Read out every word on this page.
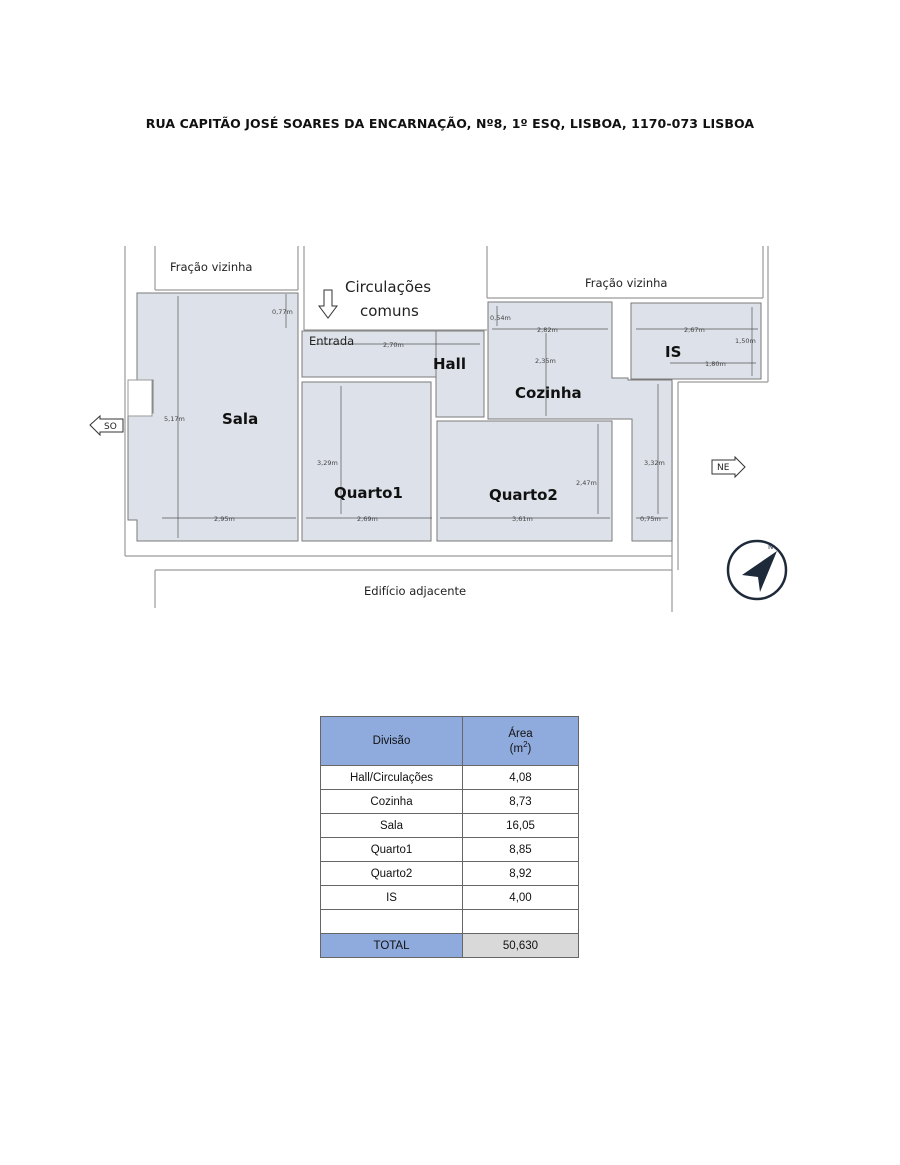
RUA CAPITÃO JOSÉ SOARES DA ENCARNAÇÃO, Nº8, 1º ESQ, LISBOA, 1170-073 LISBOA
Fração vizinha
Fração vizinha
Circulações
comuns
Entrada
Edifício adjacente
Sala
Hall
Cozinha
IS
Quarto1	Quarto2
0,77m
2,70m
0,54m
2,82m
2,35m
2,67m
1,50m
1,80m
5,17m
3,29m
2,47m
3,32m
2,95m	2,69m	3,61m	0,75m
SO
NE
N
Divisão	Área
$(m^2)$
Hall/Circulações	4,08
Cozinha	8,73
Sala	16,05
Quarto1	8,85
Quarto2	8,92
IS	4,00

TOTAL	50,630
